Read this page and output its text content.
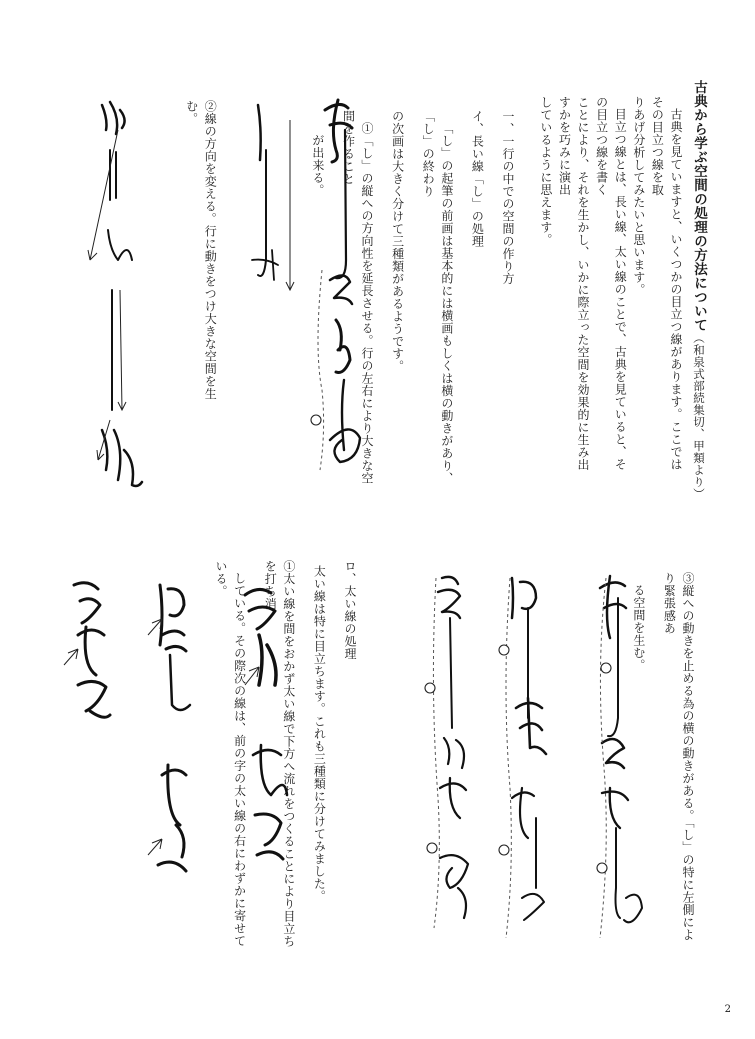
古典から学ぶ空間の処理の方法について（和泉式部続集切、甲類より）

古典を見ていますと、いくつかの目立つ線があります。ここではその目立つ線を取

りあげ分析してみたいと思います。

目立つ線とは、長い線、太い線のことで、古典を見ていると、その目立つ線を書く

ことにより、それを生かし、いかに際立った空間を効果的に生み出すかを巧みに演出

しているように思えます。

一、一行の中での空間の作り方

イ、長い線「し」の処理

「し」の起筆の前画は基本的には横画もしくは横の動きがあり、「し」の終わり

の次画は大きく分けて三種類があるようです。

①「し」の縦への方向性を延長させる。行の左右により大きな空間を作ること

が出来る。

②線の方向を変える。行に動きをつけ大きな空間を生む。

③縦への動きを止める為の横の動きがある。「し」の特に左側により緊張感あ

る空間を生む。

ロ、太い線の処理

太い線は特に目立ちます。これも三種類に分けてみました。

①太い線を間をおかず太い線で下方へ流れをつくることにより目立ちを打ち消

している。その際次の線は、前の字の太い線の右にわずかに寄せている。

2
